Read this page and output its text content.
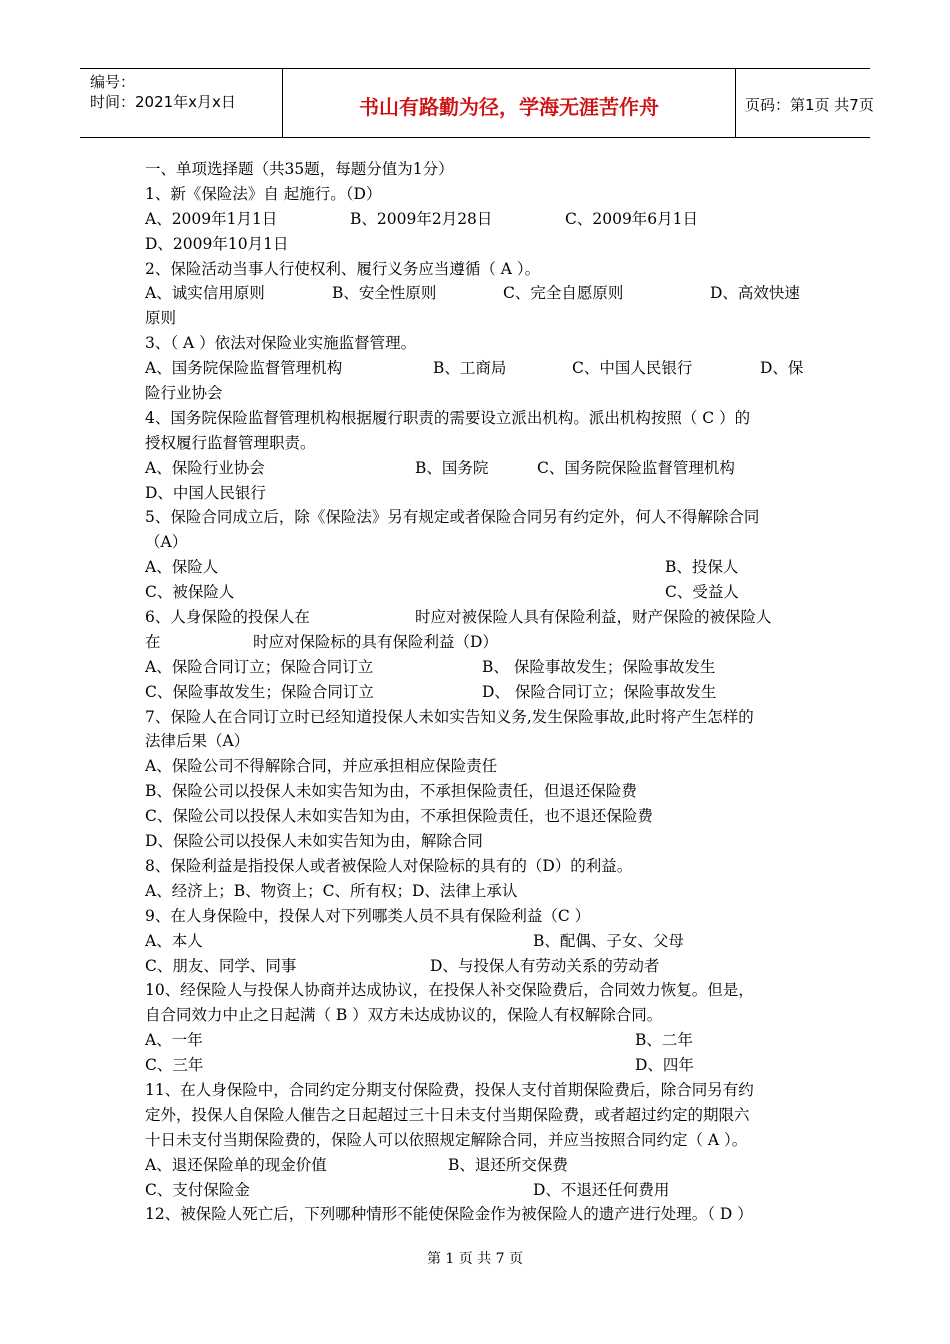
编号：
时间：2021年x月x日	书山有路勤为径，学海无涯苦作舟	页码：第1页 共7页
一、单项选择题（共35题，每题分值为1分）
1、新《保险法》自 起施行。（D）
A、2009年1月1日	B、2009年2月28日	C、2009年6月1日
D、2009年10月1日
2、保险活动当事人行使权利、履行义务应当遵循（ A ）。
A、诚实信用原则	B、安全性原则	C、完全自愿原则	D、高效快速
原则
3、（ A ）依法对保险业实施监督管理。
A、国务院保险监督管理机构	B、工商局	C、中国人民银行	D、保
险行业协会
4、国务院保险监督管理机构根据履行职责的需要设立派出机构。派出机构按照（ C ）的
授权履行监督管理职责。
A、保险行业协会	B、国务院	C、国务院保险监督管理机构
D、中国人民银行
5、保险合同成立后，除《保险法》另有规定或者保险合同另有约定外，何人不得解除合同
（A）
A、保险人	B、投保人
C、被保险人	C、受益人
6、人身保险的投保人在	时应对被保险人具有保险利益，财产保险的被保险人
在	时应对保险标的具有保险利益（D）
A、保险合同订立；保险合同订立	B、 保险事故发生；保险事故发生
C、保险事故发生；保险合同订立	D、 保险合同订立；保险事故发生
7、保险人在合同订立时已经知道投保人未如实告知义务,发生保险事故,此时将产生怎样的
法律后果（A）
A、保险公司不得解除合同，并应承担相应保险责任
B、保险公司以投保人未如实告知为由，不承担保险责任，但退还保险费
C、保险公司以投保人未如实告知为由，不承担保险责任，也不退还保险费
D、保险公司以投保人未如实告知为由，解除合同
8、保险利益是指投保人或者被保险人对保险标的具有的（D）的利益。
A、经济上；B、物资上；C、所有权；D、法律上承认
9、在人身保险中，投保人对下列哪类人员不具有保险利益（C ）
A、本人	B、配偶、子女、父母
C、朋友、同学、同事	D、与投保人有劳动关系的劳动者
10、经保险人与投保人协商并达成协议，在投保人补交保险费后，合同效力恢复。但是，
自合同效力中止之日起满（ B ）双方未达成协议的，保险人有权解除合同。
A、一年	B、二年
C、三年	D、四年
11、在人身保险中，合同约定分期支付保险费，投保人支付首期保险费后，除合同另有约
定外，投保人自保险人催告之日起超过三十日未支付当期保险费，或者超过约定的期限六
十日未支付当期保险费的，保险人可以依照规定解除合同，并应当按照合同约定（ A ）。
A、退还保险单的现金价值	B、退还所交保费
C、支付保险金	D、不退还任何费用
12、被保险人死亡后，下列哪种情形不能使保险金作为被保险人的遗产进行处理。（ D ）
第 1 页 共 7 页
